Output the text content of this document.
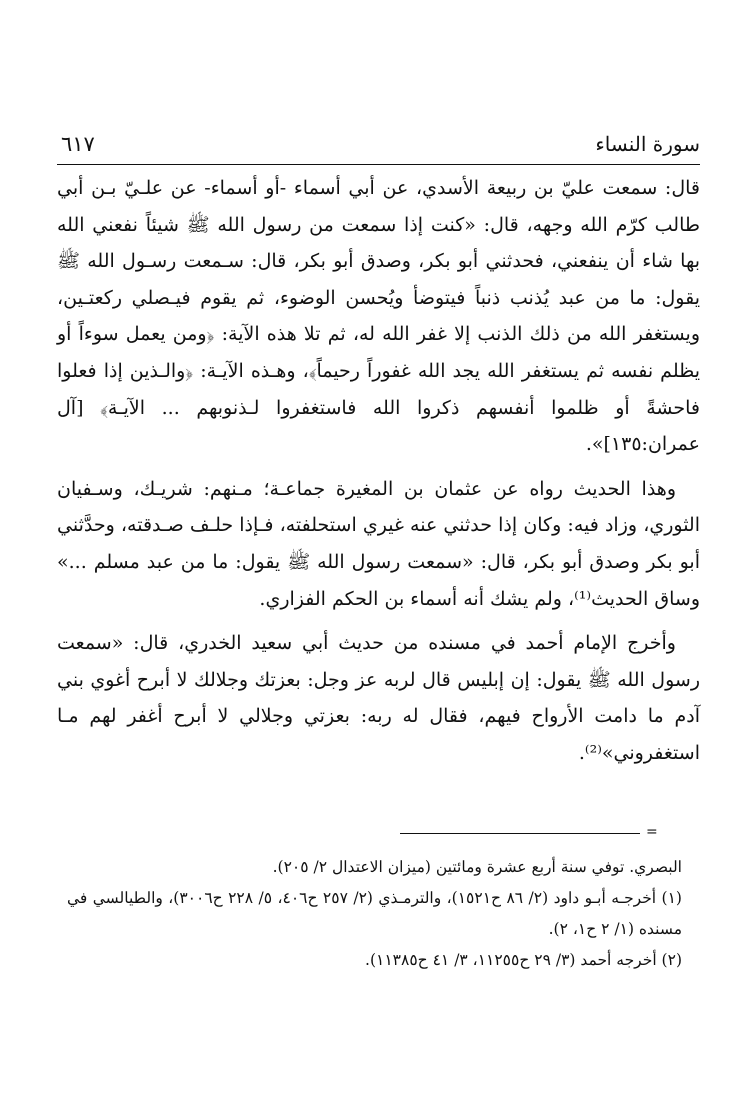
سورة النساء
٦١٧

قال: سمعت عليّ بن ربيعة الأسدي، عن أبي أسماء -أو أسماء- عن علـيّ بـن أبي طالب كرّم الله وجهه، قال: «كنت إذا سمعت من رسول الله ﷺ شيئاً نفعني الله بها شاء أن ينفعني، فحدثني أبو بكر، وصدق أبو بكر، قال: سـمعت رسـول الله ﷺ يقول: ما من عبد يُذنب ذنباً فيتوضأ ويُحسن الوضوء، ثم يقوم فيـصلي ركعتـين، ويستغفر الله من ذلك الذنب إلا غفر الله له، ثم تلا هذه الآية: ﴿ومن يعمل سوءاً أو يظلم نفسه ثم يستغفر الله يجد الله غفوراً رحيماً﴾، وهـذه الآيـة: ﴿والـذين إذا فعلوا فاحشةً أو ظلموا أنفسهم ذكروا الله فاستغفروا لـذنوبهم ... الآيـة﴾ [آل عمران:١٣٥]».

وهذا الحديث رواه عن عثمان بن المغيرة جماعـة؛ مـنهم: شريـك، وسـفيان الثوري، وزاد فيه: وكان إذا حدثني عنه غيري استحلفته، فـإذا حلـف صـدقته، وحدَّثني أبو بكر وصدق أبو بكر، قال: «سمعت رسول الله ﷺ يقول: ما من عبد مسلم ...» وساق الحديث⁽¹⁾، ولم يشك أنه أسماء بن الحكم الفزاري.

وأخرج الإمام أحمد في مسنده من حديث أبي سعيد الخدري، قال: «سمعت رسول الله ﷺ يقول: إن إبليس قال لربه عز وجل: بعزتك وجلالك لا أبرح أغوي بني آدم ما دامت الأرواح فيهم، فقال له ربه: بعزتي وجلالي لا أبرح أغفر لهم مـا استغفروني»⁽²⁾.

=

البصري. توفي سنة أربع عشرة ومائتين (ميزان الاعتدال ٢/ ٢٠٥).

(١) أخرجـه أبـو داود (٢/ ٨٦ ح١٥٢١)، والترمـذي (٢/ ٢٥٧ ح٤٠٦، ٥/ ٢٢٨ ح٣٠٠٦)، والطيالسي في مسنده (١/ ٢ ح١، ٢).

(٢) أخرجه أحمد (٣/ ٢٩ ح١١٢٥٥، ٣/ ٤١ ح١١٣٨٥).
